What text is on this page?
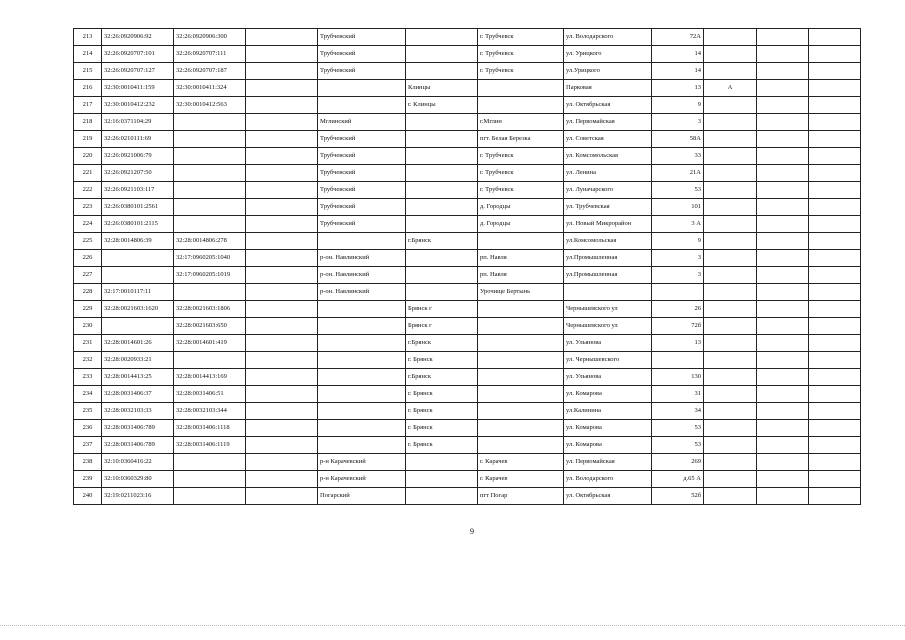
213	32:26:0920906:92	32:26:0920906:300		Трубчевский		г. Трубчевск	ул. Володарского	72А			
214	32:26:0920707:101	32:26:0920707:111		Трубчевский		г. Трубчевск	ул. Урицкого	14			
215	32:26:0920707:127	32:26:0920707:187		Трубчевский		г. Трубчевск	ул.Урицкого	14			
216	32:30:0010411:159	32:30:0010411:324			Клинцы		Парковая	13	А		
217	32:30:0010412:232	32:30:0010412:563			г. Клинцы		ул. Октябрьская	9			
218	32:16:0371104:29			Мглинский		г.Мглин	ул. Первомайская	3			
219	32:26:0210111:69			Трубчевский		пгт. Белая Березка	ул. Советская	58А			
220	32:26:0921006:79			Трубчевский		г. Трубчевск	ул. Комсомольская	33			
221	32:26:0921207:50			Трубчевский		г. Трубчевск	ул. Ленина	21А			
222	32:26:0921103:117			Трубчевский		г. Трубчевск	ул. Луначарского	53			
223	32:26:0380101:2561			Трубчевский		д. Городцы	ул. Трубчевская	101			
224	32:26:0380101:2115			Трубчевский		д. Городцы	ул. Новый Микрорайон	3 А			
225	32:28:0014806:39	32:28:0014806:278			г.Брянск		ул.Комсомольская	9			
226		32:17:0960205:1040		р-он. Навлинский		рп. Навля	ул.Промышленная	3			
227		32:17:0960205:1019		р-он. Навлинский		рп. Навля	ул.Промышленная	3			
228	32:17:0010117:11			р-он. Навлинский		Урочище Бертынь					
229	32:28:0021603:1620	32:28:0021603:1806			Брянск г		Чернышевского ул	26			
230		32:28:0021603:650			Брянск г		Чернышевского ул	72б			
231	32:28:0014601:26	32:28:0014601:419			г.Брянск		ул. Ульянова	13			
232	32:28:0020933:21				г. Брянск		ул. Чернышевского				
233	32:28:0014413:25	32:28:0014413:169			г.Брянск		ул. Ульянова	130			
234	32:28:0031406:37	32:28:0031406:51			г. Брянск		ул. Комарова	31			
235	32:28:0032103:33	32:28:0032103:344			г. Брянск		ул.Калинина	34			
236	32:28:0031406:789	32:28:0031406:1118			г. Брянск		ул. Комарова	53			
237	32:28:0031406:789	32:28:0031406:1119			г. Брянск		ул. Комарова	53			
238	32:10:0360416:22			р-н Карачевский		г. Карачев	ул. Первомайская	269			
239	32:10:0360329:80			р-н Карачевский		г. Карачев	ул. Володарского	д.65 А			
240	32:19:0211023:16			Погарский		пгт Погар	ул. Октябрьская	52б			
9
